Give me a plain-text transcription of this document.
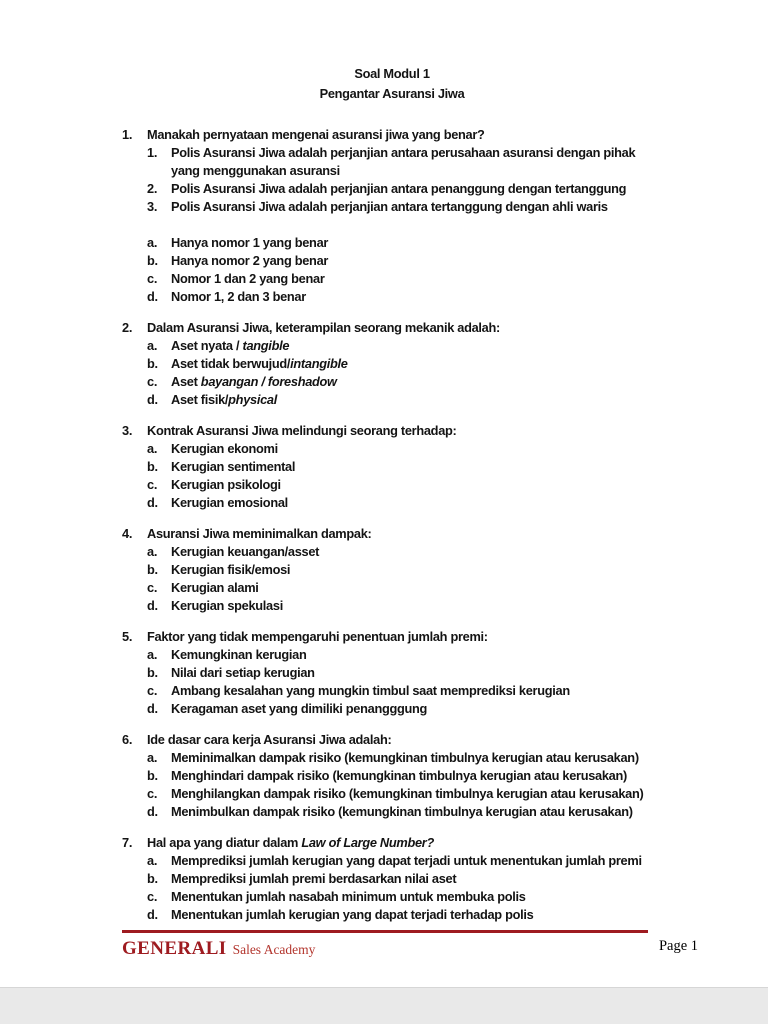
Soal Modul 1
Pengantar Asuransi Jiwa
1.	Manakah pernyataan mengenai asuransi jiwa yang benar?
1.	Polis Asuransi Jiwa adalah perjanjian antara perusahaan asuransi dengan pihak yang menggunakan asuransi
2.	Polis Asuransi Jiwa adalah perjanjian antara penanggung dengan tertanggung
3.	Polis Asuransi Jiwa adalah perjanjian antara tertanggung dengan ahli waris
a.	Hanya nomor 1 yang benar
b.	Hanya nomor 2 yang benar
c.	Nomor 1 dan 2 yang benar
d.	Nomor 1, 2 dan 3 benar
2.	Dalam Asuransi Jiwa, keterampilan seorang mekanik adalah:
a.	Aset nyata / tangible
b.	Aset tidak berwujud/intangible
c.	Aset bayangan / foreshadow
d.	Aset fisik/physical
3.	Kontrak Asuransi Jiwa melindungi seorang terhadap:
a.	Kerugian ekonomi
b.	Kerugian sentimental
c.	Kerugian psikologi
d.	Kerugian emosional
4.	Asuransi Jiwa meminimalkan dampak:
a.	Kerugian keuangan/asset
b.	Kerugian fisik/emosi
c.	Kerugian alami
d.	Kerugian spekulasi
5.	Faktor yang tidak mempengaruhi penentuan jumlah premi:
a.	Kemungkinan kerugian
b.	Nilai dari setiap kerugian
c.	Ambang kesalahan yang mungkin timbul saat memprediksi kerugian
d.	Keragaman aset yang dimiliki penangggung
6.	Ide dasar cara kerja Asuransi Jiwa adalah:
a.	Meminimalkan dampak risiko (kemungkinan timbulnya kerugian atau kerusakan)
b.	Menghindari dampak risiko (kemungkinan timbulnya kerugian atau kerusakan)
c.	Menghilangkan dampak risiko (kemungkinan timbulnya kerugian atau kerusakan)
d.	Menimbulkan dampak risiko (kemungkinan timbulnya kerugian atau kerusakan)
7.	Hal apa yang diatur dalam Law of Large Number?
a.	Memprediksi jumlah kerugian yang dapat terjadi untuk menentukan jumlah premi
b.	Memprediksi jumlah premi berdasarkan nilai aset
c.	Menentukan jumlah nasabah minimum untuk membuka polis
d.	Menentukan jumlah kerugian yang dapat terjadi terhadap polis
GENERALI Sales Academy	Page 1
